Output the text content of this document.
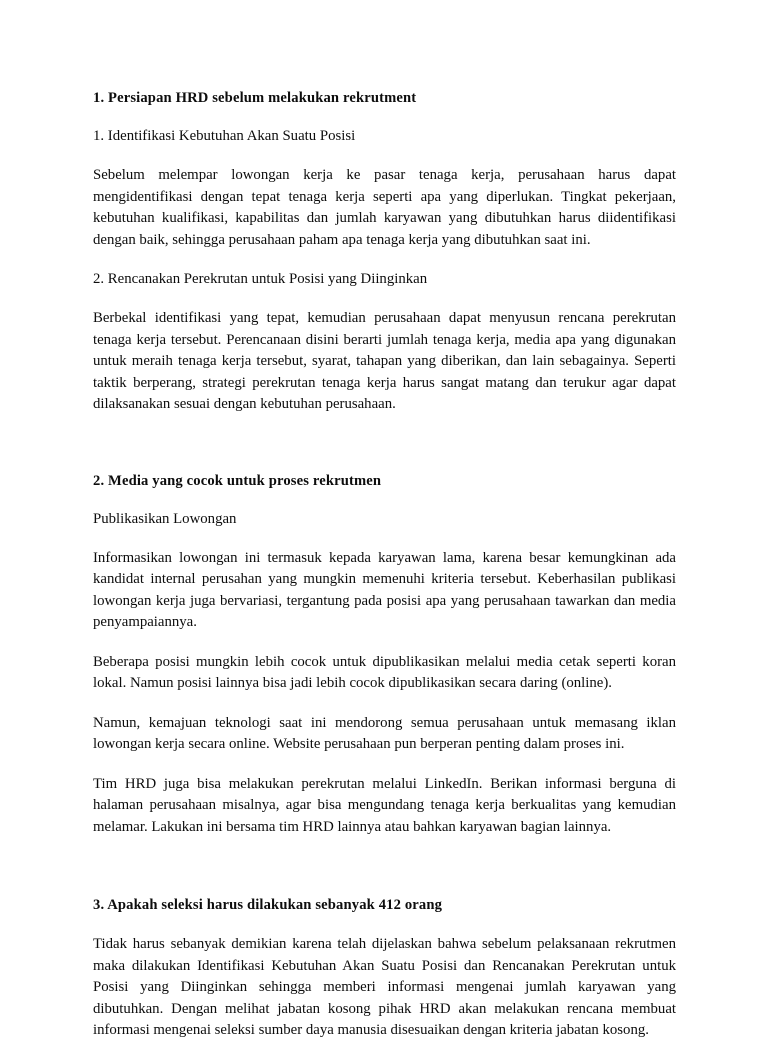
1. Persiapan HRD sebelum melakukan rekrutment

1. Identifikasi Kebutuhan Akan Suatu Posisi

Sebelum melempar lowongan kerja ke pasar tenaga kerja, perusahaan harus dapat mengidentifikasi dengan tepat tenaga kerja seperti apa yang diperlukan. Tingkat pekerjaan, kebutuhan kualifikasi, kapabilitas dan jumlah karyawan yang dibutuhkan harus diidentifikasi dengan baik, sehingga perusahaan paham apa tenaga kerja yang dibutuhkan saat ini.

2. Rencanakan Perekrutan untuk Posisi yang Diinginkan

Berbekal identifikasi yang tepat, kemudian perusahaan dapat menyusun rencana perekrutan tenaga kerja tersebut. Perencanaan disini berarti jumlah tenaga kerja, media apa yang digunakan untuk meraih tenaga kerja tersebut, syarat, tahapan yang diberikan, dan lain sebagainya. Seperti taktik berperang, strategi perekrutan tenaga kerja harus sangat matang dan terukur agar dapat dilaksanakan sesuai dengan kebutuhan perusahaan.

2. Media yang cocok untuk proses rekrutmen

Publikasikan Lowongan

Informasikan lowongan ini termasuk kepada karyawan lama, karena besar kemungkinan ada kandidat internal perusahan yang mungkin memenuhi kriteria tersebut. Keberhasilan publikasi lowongan kerja juga bervariasi, tergantung pada posisi apa yang perusahaan tawarkan dan media penyampaiannya.

Beberapa posisi mungkin lebih cocok untuk dipublikasikan melalui media cetak seperti koran lokal. Namun posisi lainnya bisa jadi lebih cocok dipublikasikan secara daring (online).

Namun, kemajuan teknologi saat ini mendorong semua perusahaan untuk memasang iklan lowongan kerja secara online. Website perusahaan pun berperan penting dalam proses ini.

Tim HRD juga bisa melakukan perekrutan melalui LinkedIn. Berikan informasi berguna di halaman perusahaan misalnya, agar bisa mengundang tenaga kerja berkualitas yang kemudian melamar. Lakukan ini bersama tim HRD lainnya atau bahkan karyawan bagian lainnya.

3. Apakah seleksi harus dilakukan sebanyak 412 orang

Tidak harus sebanyak demikian karena telah dijelaskan bahwa sebelum pelaksanaan rekrutmen maka dilakukan Identifikasi Kebutuhan Akan Suatu Posisi dan Rencanakan Perekrutan untuk Posisi yang Diinginkan sehingga memberi informasi mengenai jumlah karyawan yang dibutuhkan. Dengan melihat jabatan kosong pihak HRD akan melakukan rencana membuat informasi mengenai seleksi sumber daya manusia disesuaikan dengan kriteria jabatan kosong.
